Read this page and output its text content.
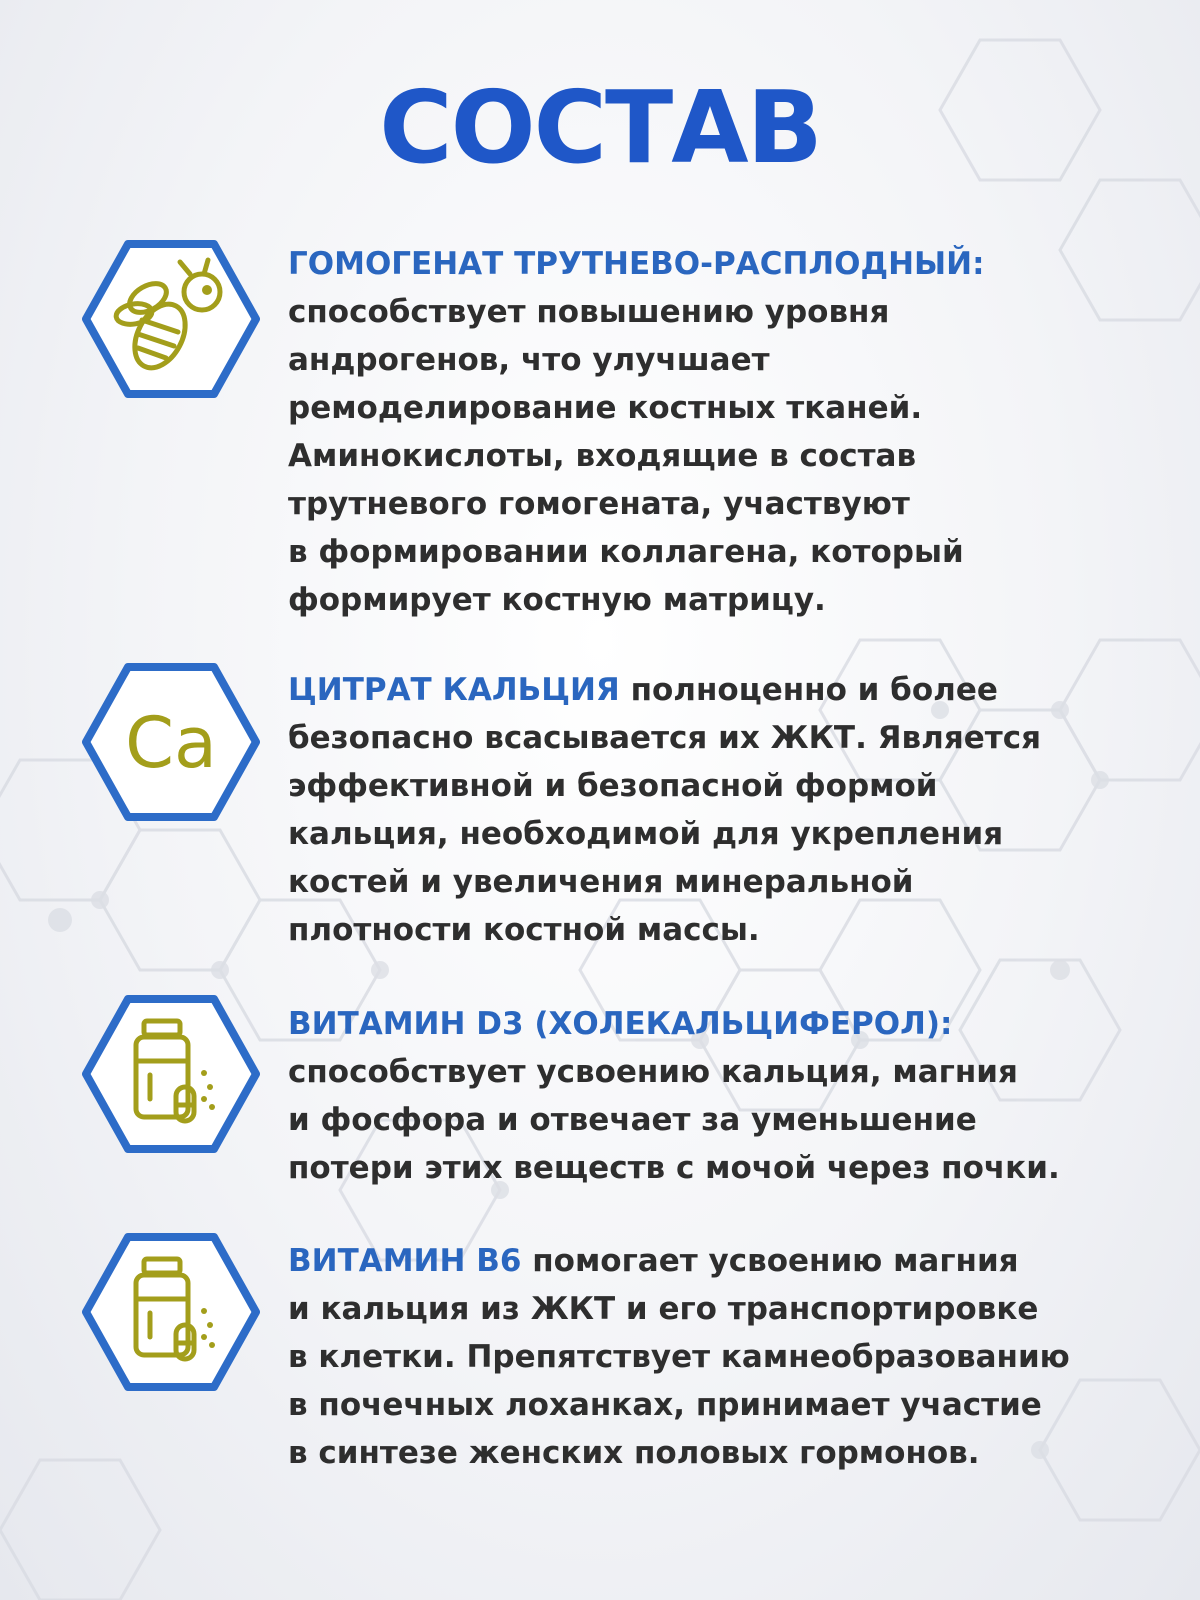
СОСТАВ
ГОМОГЕНАТ ТРУТНЕВО-РАСПЛОДНЫЙ:
способствует повышению уровня
андрогенов, что улучшает
ремоделирование костных тканей.
Аминокислоты, входящие в состав
трутневого гомогената, участвуют
в формировании коллагена, который
формирует костную матрицу.
Ca
ЦИТРАТ КАЛЬЦИЯ полноценно и более
безопасно всасывается их ЖКТ. Является
эффективной и безопасной формой
кальция, необходимой для укрепления
костей и увеличения минеральной
плотности костной массы.
ВИТАМИН D3 (ХОЛЕКАЛЬЦИФЕРОЛ):
способствует усвоению кальция, магния
и фосфора и отвечает за уменьшение
потери этих веществ с мочой через почки.
ВИТАМИН В6 помогает усвоению магния
и кальция из ЖКТ и его транспортировке
в клетки. Препятствует камнеобразованию
в почечных лоханках, принимает участие
в синтезе женских половых гормонов.
